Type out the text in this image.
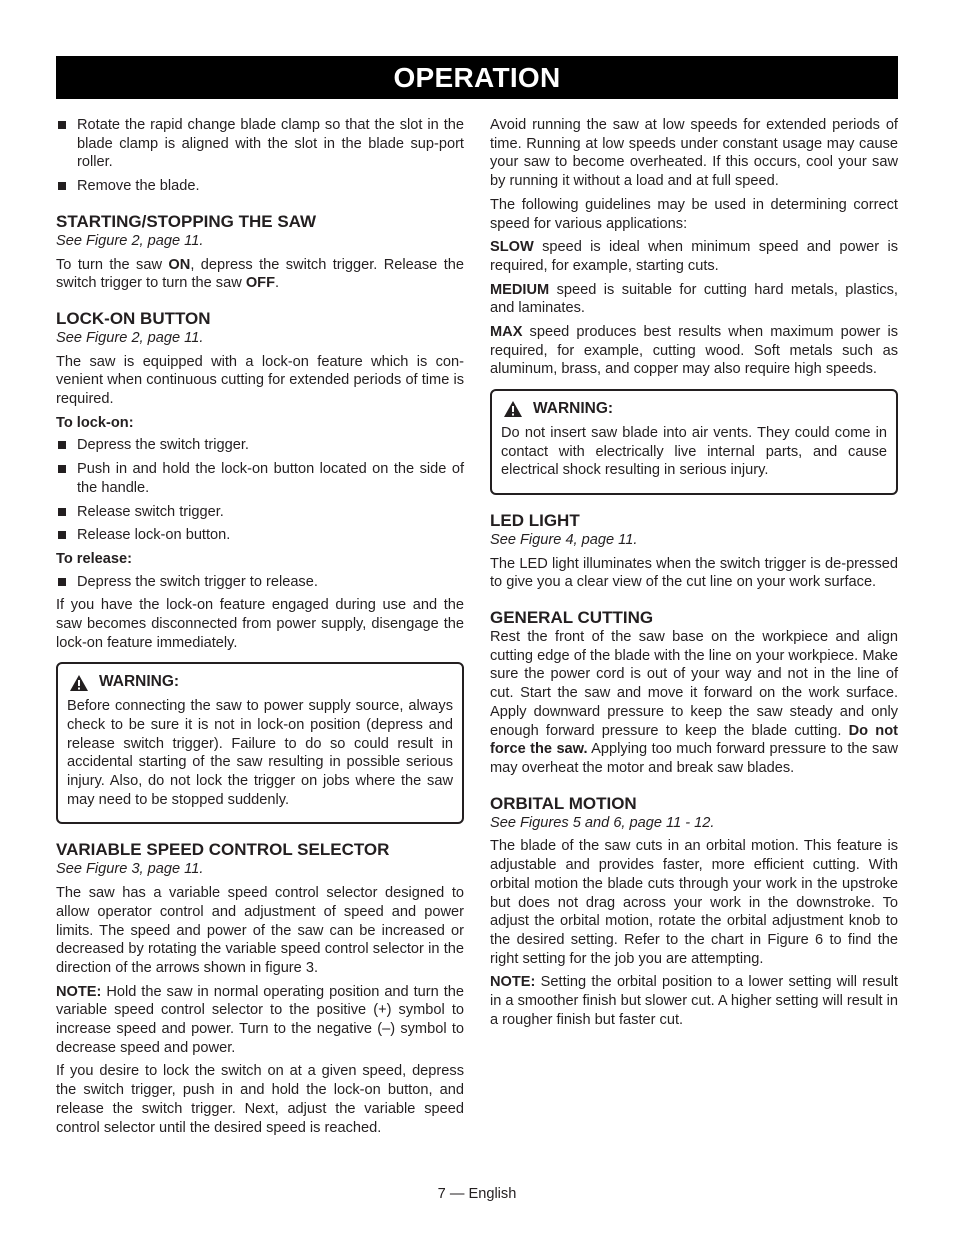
OPERATION
Rotate the rapid change blade clamp so that the slot in the blade clamp is aligned with the slot in the blade sup-port roller.
Remove the blade.
STARTING/STOPPING THE SAW

See Figure 2, page 11.

To turn the saw ON, depress the switch trigger. Release the switch trigger to turn the saw OFF.

LOCK-ON BUTTON

See Figure 2, page 11.

The saw is equipped with a lock-on feature which is con-venient when continuous cutting for extended periods of time is required.

To lock-on:
Depress the switch trigger.
Push in and hold the lock-on button located on the side of the handle.
Release switch trigger.
Release lock-on button.
To release:
Depress the switch trigger to release.

If you have the lock-on feature engaged during use and the saw becomes disconnected from power supply, disengage the lock-on feature immediately.

WARNING:

Before connecting the saw to power supply source, always check to be sure it is not in lock-on position (depress and release switch trigger). Failure to do so could result in accidental starting of the saw resulting in possible serious injury. Also, do not lock the trigger on jobs where the saw may need to be stopped suddenly.

VARIABLE SPEED CONTROL SELECTOR

See Figure 3, page 11.

The saw has a variable speed control selector designed to allow operator control and adjustment of speed and power limits. The speed and power of the saw can be increased or decreased by rotating the variable speed control selector in the direction of the arrows shown in figure 3.

NOTE: Hold the saw in normal operating position and turn the variable speed control selector to the positive (+) symbol to increase speed and power. Turn to the negative (–) symbol to decrease speed and power.

If you desire to lock the switch on at a given speed, depress the switch trigger, push in and hold the lock-on button, and release the switch trigger. Next, adjust the variable speed control selector until the desired speed is reached.

Avoid running the saw at low speeds for extended periods of time. Running at low speeds under constant usage may cause your saw to become overheated. If this occurs, cool your saw by running it without a load and at full speed.

The following guidelines may be used in determining correct speed for various applications:

SLOW speed is ideal when minimum speed and power is required, for example, starting cuts.

MEDIUM speed is suitable for cutting hard metals, plastics, and laminates.

MAX speed produces best results when maximum power is required, for example, cutting wood. Soft metals such as aluminum, brass, and copper may also require high speeds.

WARNING:

Do not insert saw blade into air vents. They could come in contact with electrically live internal parts, and cause electrical shock resulting in serious injury.

LED LIGHT

See Figure 4, page 11.

The LED light illuminates when the switch trigger is de-pressed to give you a clear view of the cut line on your work surface.

GENERAL CUTTING

Rest the front of the saw base on the workpiece and align cutting edge of the blade with the line on your workpiece. Make sure the power cord is out of your way and not in the line of cut. Start the saw and move it forward on the work surface. Apply downward pressure to keep the saw steady and only enough forward pressure to keep the blade cutting. Do not force the saw. Applying too much forward pressure to the saw may overheat the motor and break saw blades.

ORBITAL MOTION

See Figures 5 and 6, page 11 - 12.

The blade of the saw cuts in an orbital motion. This feature is adjustable and provides faster, more efficient cutting. With orbital motion the blade cuts through your work in the upstroke but does not drag across your work in the downstroke. To adjust the orbital motion, rotate the orbital adjustment knob to the desired setting. Refer to the chart in Figure 6 to find the right setting for the job you are attempting.

NOTE: Setting the orbital position to a lower setting will result in a smoother finish but slower cut. A higher setting will result in a rougher finish but faster cut.

7 — English
